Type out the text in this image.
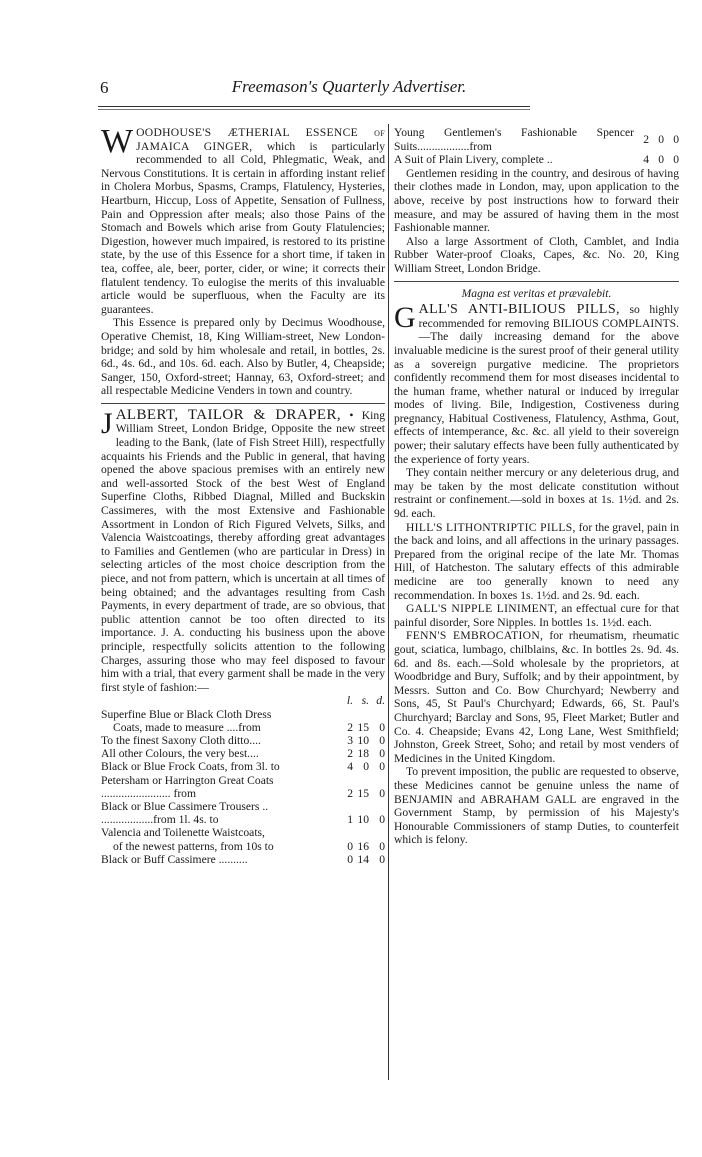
6	Freemason's Quarterly Advertiser.

W OODHOUSE'S ÆTHERIAL ESSENCE of JAMAICA GINGER, which is particularly recommended to all Cold, Phlegmatic, Weak, and Nervous Constitutions. It is certain in affording instant relief in Cholera Morbus, Spasms, Cramps, Flatulency, Hysteries, Heartburn, Hiccup, Loss of Appetite, Sensation of Fullness, Pain and Oppression after meals; also those Pains of the Stomach and Bowels which arise from Gouty Flatulencies; Digestion, however much impaired, is restored to its pristine state, by the use of this Essence for a short time, if taken in tea, coffee, ale, beer, porter, cider, or wine; it corrects their flatulent tendency. To eulogise the merits of this invaluable article would be superfluous, when the Faculty are its guarantees.

This Essence is prepared only by Decimus Woodhouse, Operative Chemist, 18, King William-street, New London-bridge; and sold by him wholesale and retail, in bottles, 2s. 6d., 4s. 6d., and 10s. 6d. each. Also by Butler, 4, Cheapside; Sanger, 150, Oxford-street; Hannay, 63, Oxford-street; and all respectable Medicine Venders in town and country.

J ALBERT, TAILOR & DRAPER, • King William Street, London Bridge, Opposite the new street leading to the Bank, (late of Fish Street Hill), respectfully acquaints his Friends and the Public in general, that having opened the above spacious premises with an entirely new and well-assorted Stock of the best West of England Superfine Cloths, Ribbed Diagnal, Milled and Buckskin Cassimeres, with the most Extensive and Fashionable Assortment in London of Rich Figured Velvets, Silks, and Valencia Waistcoatings, thereby affording great advantages to Families and Gentlemen (who are particular in Dress) in selecting articles of the most choice description from the piece, and not from pattern, which is uncertain at all times of being obtained; and the advantages resulting from Cash Payments, in every department of trade, are so obvious, that public attention cannot be too often directed to its importance. J. A. conducting his business upon the above principle, respectfully solicits attention to the following Charges, assuring those who may feel disposed to favour him with a trial, that every garment shall be made in the very first style of fashion:—

	l.	s.	d.
Superfine Blue or Black Cloth Dress			
Coats, made to measure ....from	2	15	0
To the finest Saxony Cloth ditto....	3	10	0
All other Colours, the very best....	2	18	0
Black or Blue Frock Coats, from 3l. to	4	0	0
Petersham or Harrington Great Coats			
........................ from	2	15	0
Black or Blue Cassimere Trousers ..			
..................from 1l. 4s. to	1	10	0
Valencia and Toilenette Waistcoats,			
of the newest patterns, from 10s to	0	16	0
Black or Buff Cassimere ..........	0	14	0
Young Gentlemen's Fashionable Spencer Suits..................from	2	0	0
A Suit of Plain Livery, complete ..	4	0	0

Gentlemen residing in the country, and desirous of having their clothes made in London, may, upon application to the above, receive by post instructions how to forward their measure, and may be assured of having them in the most Fashionable manner.

Also a large Assortment of Cloth, Camblet, and India Rubber Water-proof Cloaks, Capes, &c. No. 20, King William Street, London Bridge.

Magna est veritas et prævalebit.

G ALL'S ANTI-BILIOUS PILLS, so highly recommended for removing BILIOUS COMPLAINTS.—The daily increasing demand for the above invaluable medicine is the surest proof of their general utility as a sovereign purgative medicine. The proprietors confidently recommend them for most diseases incidental to the human frame, whether natural or induced by irregular modes of living. Bile, Indigestion, Costiveness during pregnancy, Habitual Costiveness, Flatulency, Asthma, Gout, effects of intemperance, &c. &c. all yield to their sovereign power; their salutary effects have been fully authenticated by the experience of forty years.

They contain neither mercury or any deleterious drug, and may be taken by the most delicate constitution without restraint or confinement.—sold in boxes at 1s. 1½d. and 2s. 9d. each.

HILL'S LITHONTRIPTIC PILLS, for the gravel, pain in the back and loins, and all affections in the urinary passages. Prepared from the original recipe of the late Mr. Thomas Hill, of Hatcheston. The salutary effects of this admirable medicine are too generally known to need any recommendation. In boxes 1s. 1½d. and 2s. 9d. each.

GALL'S NIPPLE LINIMENT, an effectual cure for that painful disorder, Sore Nipples. In bottles 1s. 1½d. each.

FENN'S EMBROCATION, for rheumatism, rheumatic gout, sciatica, lumbago, chilblains, &c. In bottles 2s. 9d. 4s. 6d. and 8s. each.—Sold wholesale by the proprietors, at Woodbridge and Bury, Suffolk; and by their appointment, by Messrs. Sutton and Co. Bow Churchyard; Newberry and Sons, 45, St Paul's Churchyard; Edwards, 66, St. Paul's Churchyard; Barclay and Sons, 95, Fleet Market; Butler and Co. 4. Cheapside; Evans 42, Long Lane, West Smithfield; Johnston, Greek Street, Soho; and retail by most venders of Medicines in the United Kingdom.

To prevent imposition, the public are requested to observe, these Medicines cannot be genuine unless the name of BENJAMIN and ABRAHAM GALL are engraved in the Government Stamp, by permission of his Majesty's Honourable Commissioners of stamp Duties, to counterfeit which is felony.
